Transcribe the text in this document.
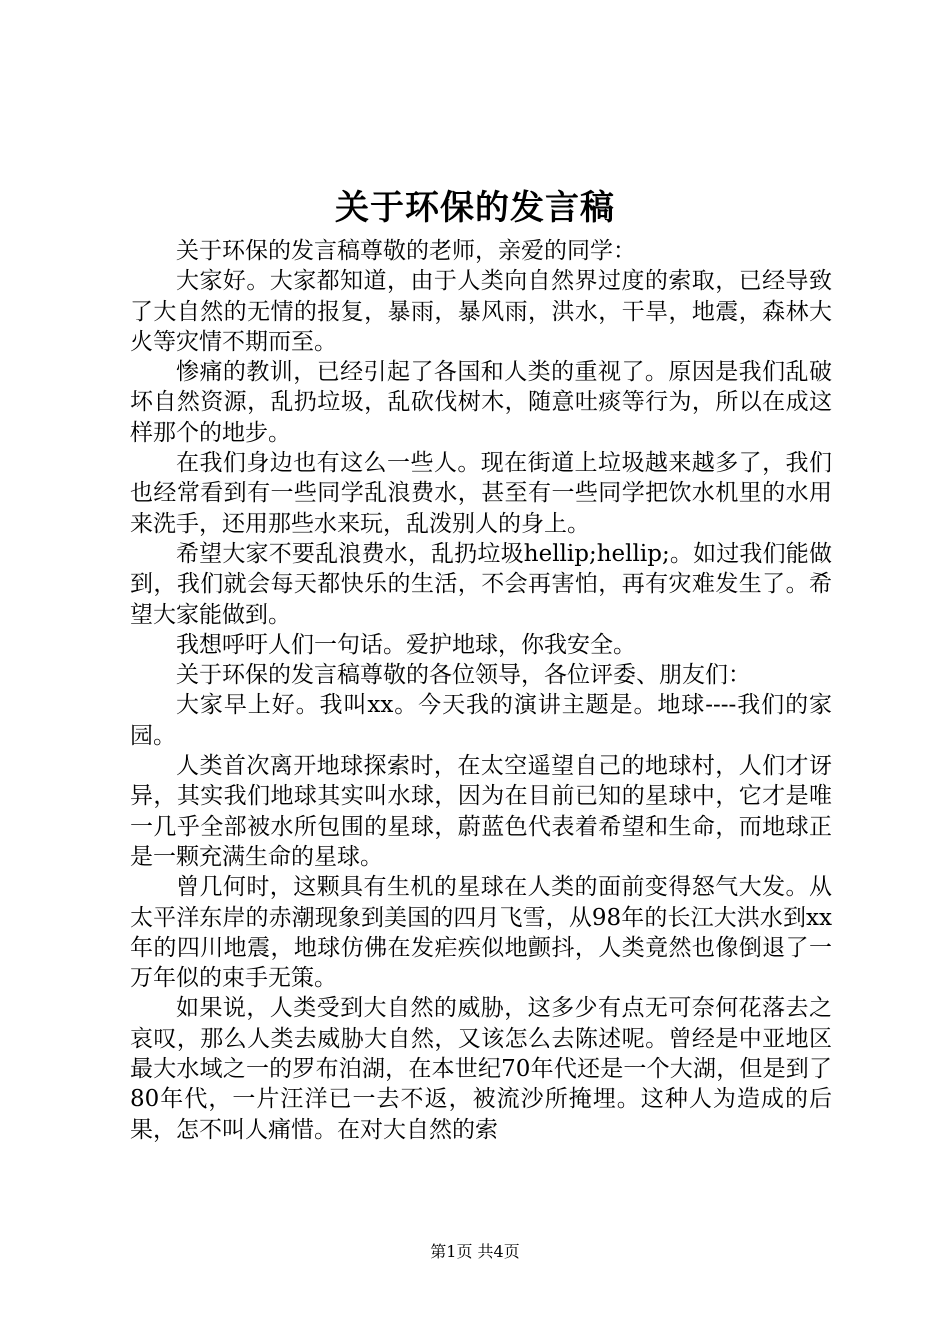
关于环保的发言稿

关于环保的发言稿尊敬的老师，亲爱的同学：

大家好。大家都知道，由于人类向自然界过度的索取，已经导致了大自然的无情的报复，暴雨，暴风雨，洪水，干旱，地震，森林大火等灾情不期而至。

惨痛的教训，已经引起了各国和人类的重视了。原因是我们乱破坏自然资源，乱扔垃圾，乱砍伐树木，随意吐痰等行为，所以在成这样那个的地步。

在我们身边也有这么一些人。现在街道上垃圾越来越多了，我们也经常看到有一些同学乱浪费水，甚至有一些同学把饮水机里的水用来洗手，还用那些水来玩，乱泼别人的身上。

希望大家不要乱浪费水，乱扔垃圾hellip;hellip;。如过我们能做到，我们就会每天都快乐的生活，不会再害怕，再有灾难发生了。希望大家能做到。

我想呼吁人们一句话。爱护地球，你我安全。

关于环保的发言稿尊敬的各位领导，各位评委、朋友们：

大家早上好。我叫xx。今天我的演讲主题是。地球----我们的家园。

人类首次离开地球探索时，在太空遥望自己的地球村，人们才讶异，其实我们地球其实叫水球，因为在目前已知的星球中，它才是唯一几乎全部被水所包围的星球，蔚蓝色代表着希望和生命，而地球正是一颗充满生命的星球。

曾几何时，这颗具有生机的星球在人类的面前变得怒气大发。从太平洋东岸的赤潮现象到美国的四月飞雪，从98年的长江大洪水到xx年的四川地震，地球仿佛在发疟疾似地颤抖，人类竟然也像倒退了一万年似的束手无策。

如果说，人类受到大自然的威胁，这多少有点无可奈何花落去之哀叹，那么人类去威胁大自然，又该怎么去陈述呢。曾经是中亚地区最大水域之一的罗布泊湖，在本世纪70年代还是一个大湖，但是到了80年代，一片汪洋已一去不返，被流沙所掩埋。这种人为造成的后果，怎不叫人痛惜。在对大自然的索

第1页 共4页
